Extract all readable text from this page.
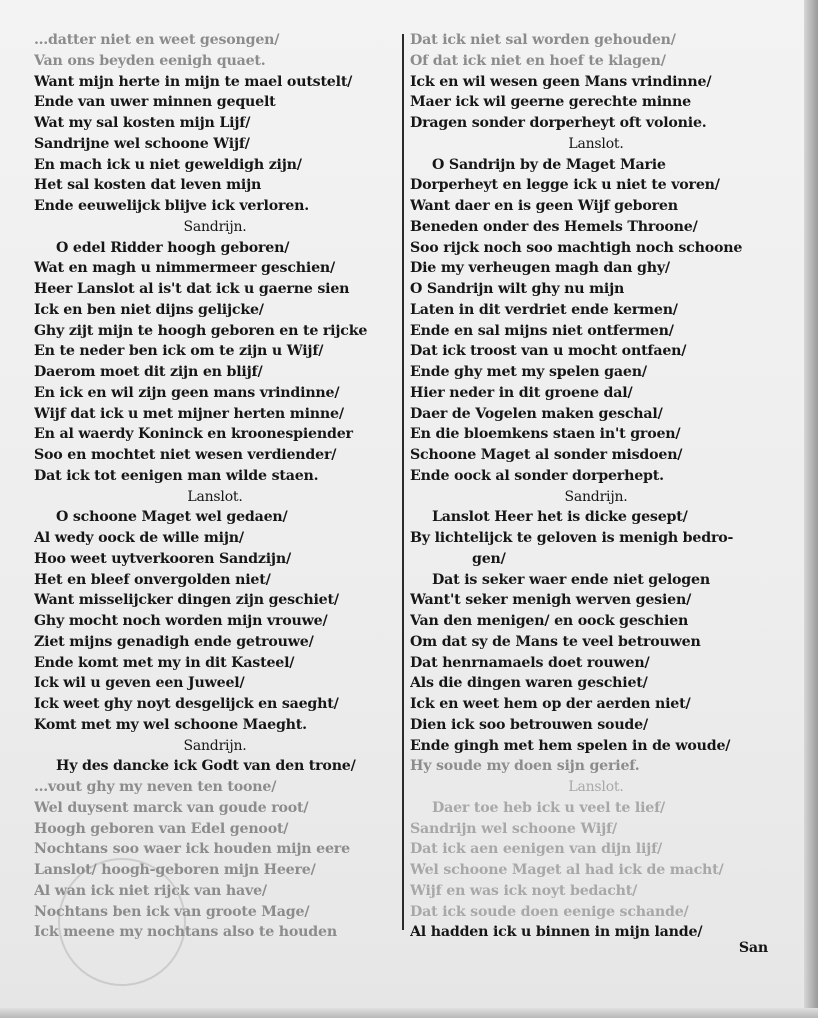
…datter niet en weet gesongen/
Van ons beyden eenigh quaet.
Want mijn herte in mijn te mael outstelt/
Ende van uwer minnen gequelt
Wat my sal kosten mijn Lijf/
Sandrijne wel schoone Wijf/
En mach ick u niet geweldigh zijn/
Het sal kosten dat leven mijn
Ende eeuwelijck blijve ick verloren.
Sandrijn.
O edel Ridder hoogh geboren/
Wat en magh u nimmermeer geschien/
Heer Lanslot al is't dat ick u gaerne sien
Ick en ben niet dijns gelijcke/
Ghy zijt mijn te hoogh geboren en te rijcke
En te neder ben ick om te zijn u Wijf/
Daerom moet dit zijn en blijf/
En ick en wil zijn geen mans vrindinne/
Wijf dat ick u met mijner herten minne/
En al waerdy Koninck en kroonespiender
Soo en mochtet niet wesen verdiender/
Dat ick tot eenigen man wilde staen.
Lanslot.
O schoone Maget wel gedaen/
Al wedy oock de wille mijn/
Hoo weet uytverkooren Sandzijn/
Het en bleef onvergolden niet/
Want misselijcker dingen zijn geschiet/
Ghy mocht noch worden mijn vrouwe/
Ziet mijns genadigh ende getrouwe/
Ende komt met my in dit Kasteel/
Ick wil u geven een Juweel/
Ick weet ghy noyt desgelijck en saeght/
Komt met my wel schoone Maeght.
Sandrijn.
Hy des dancke ick Godt van den trone/
…vout ghy my neven ten toone/
Wel duysent marck van goude root/
Hoogh geboren van Edel genoot/
Nochtans soo waer ick houden mijn eere
Lanslot/ hoogh-geboren mijn Heere/
Al wan ick niet rijck van have/
Nochtans ben ick van groote Mage/
Ick meene my nochtans also te houden
Dat ick niet sal worden gehouden/
Of dat ick niet en hoef te klagen/
Ick en wil wesen geen Mans vrindinne/
Maer ick wil geerne gerechte minne
Dragen sonder dorperheyt oft volonie.
Lanslot.
O Sandrijn by de Maget Marie
Dorperheyt en legge ick u niet te voren/
Want daer en is geen Wijf geboren
Beneden onder des Hemels Throone/
Soo rijck noch soo machtigh noch schoone
Die my verheugen magh dan ghy/
O Sandrijn wilt ghy nu mijn
Laten in dit verdriet ende kermen/
Ende en sal mijns niet ontfermen/
Dat ick troost van u mocht ontfaen/
Ende ghy met my spelen gaen/
Hier neder in dit groene dal/
Daer de Vogelen maken geschal/
En die bloemkens staen in't groen/
Schoone Maget al sonder misdoen/
Ende oock al sonder dorperhept.
Sandrijn.
Lanslot Heer het is dicke gesept/
By lichtelijck te geloven is menigh bedro-
gen/
Dat is seker waer ende niet gelogen
Want't seker menigh werven gesien/
Van den menigen/ en oock geschien
Om dat sy de Mans te veel betrouwen
Dat henrnamaels doet rouwen/
Als die dingen waren geschiet/
Ick en weet hem op der aerden niet/
Dien ick soo betrouwen soude/
Ende gingh met hem spelen in de woude/
Hy soude my doen sijn gerief.
Lanslot.
Daer toe heb ick u veel te lief/
Sandrijn wel schoone Wijf/
Dat ick aen eenigen van dijn lijf/
Wel schoone Maget al had ick de macht/
Wijf en was ick noyt bedacht/
Dat ick soude doen eenige schande/
Al hadden ick u binnen in mijn lande/
San
